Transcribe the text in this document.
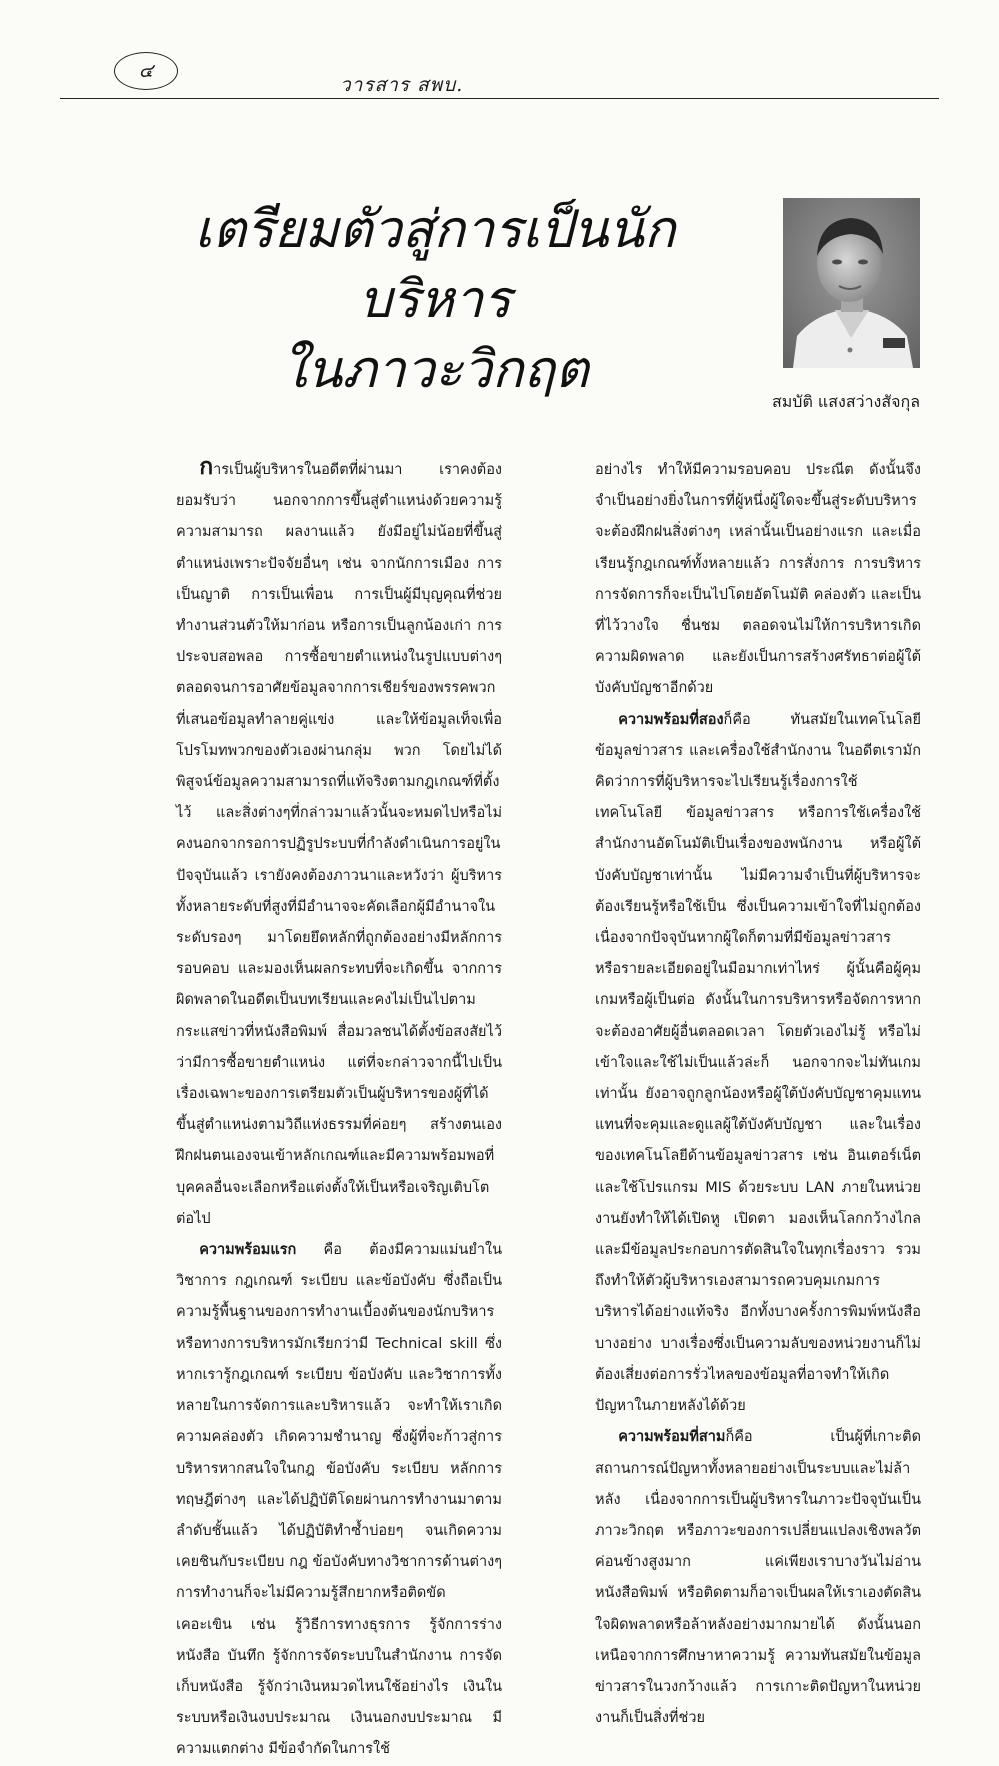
๔
วารสาร สพบ.
เตรียมตัวสู่การเป็นนักบริหาร
ในภาวะวิกฤต
สมบัติ แสงสว่างสัจกุล

การเป็นผู้บริหารในอดีตที่ผ่านมา เราคงต้องยอมรับว่า นอกจากการขึ้นสู่ตำแหน่งด้วยความรู้ ความสามารถ ผลงานแล้ว ยังมีอยู่ไม่น้อยที่ขึ้นสู่ตำแหน่งเพราะปัจจัยอื่นๆ เช่น จากนักการเมือง การเป็นญาติ การเป็นเพื่อน การเป็นผู้มีบุญคุณที่ช่วยทำงานส่วนตัวให้มาก่อน หรือการเป็นลูกน้องเก่า การประจบสอพลอ การซื้อขายตำแหน่งในรูปแบบต่างๆ ตลอดจนการอาศัยข้อมูลจากการเชียร์ของพรรคพวกที่เสนอข้อมูลทำลายคู่แข่ง และให้ข้อมูลเท็จเพื่อโปรโมทพวกของตัวเองผ่านกลุ่ม พวก โดยไม่ได้พิสูจน์ข้อมูลความสามารถที่แท้จริงตามกฎเกณฑ์ที่ตั้งไว้ และสิ่งต่างๆที่กล่าวมาแล้วนั้นจะหมดไปหรือไม่ คงนอกจากรอการปฏิรูประบบที่กำลังดำเนินการอยู่ในปัจจุบันแล้ว เรายังคงต้องภาวนาและหวังว่า ผู้บริหารทั้งหลายระดับที่สูงที่มีอำนาจจะคัดเลือกผู้มีอำนาจในระดับรองๆ มาโดยยึดหลักที่ถูกต้องอย่างมีหลักการ รอบคอบ และมองเห็นผลกระทบที่จะเกิดขึ้น จากการผิดพลาดในอดีตเป็นบทเรียนและคงไม่เป็นไปตามกระแสข่าวที่หนังสือพิมพ์ สื่อมวลชนได้ตั้งข้อสงสัยไว้ว่ามีการซื้อขายตำแหน่ง แต่ที่จะกล่าวจากนี้ไปเป็นเรื่องเฉพาะของการเตรียมตัวเป็นผู้บริหารของผู้ที่ได้ขึ้นสู่ตำแหน่งตามวิถีแห่งธรรมที่ค่อยๆ สร้างตนเอง ฝึกฝนตนเองจนเข้าหลักเกณฑ์และมีความพร้อมพอที่บุคคลอื่นจะเลือกหรือแต่งตั้งให้เป็นหรือเจริญเติบโตต่อไป

ความพร้อมแรก คือ ต้องมีความแม่นยำในวิชาการ กฎเกณฑ์ ระเบียบ และข้อบังคับ ซึ่งถือเป็นความรู้พื้นฐานของการทำงานเบื้องต้นของนักบริหาร หรือทางการบริหารมักเรียกว่ามี Technical skill ซึ่งหากเรารู้กฎเกณฑ์ ระเบียบ ข้อบังคับ และวิชาการทั้งหลายในการจัดการและบริหารแล้ว จะทำให้เราเกิดความคล่องตัว เกิดความชำนาญ ซึ่งผู้ที่จะก้าวสู่การบริหารหากสนใจในกฎ ข้อบังคับ ระเบียบ หลักการทฤษฎีต่างๆ และได้ปฏิบัติโดยผ่านการทำงานมาตามลำดับชั้นแล้ว ได้ปฏิบัติทำซ้ำบ่อยๆ จนเกิดความเคยชินกับระเบียบ กฎ ข้อบังคับทางวิชาการด้านต่างๆ การทำงานก็จะไม่มีความรู้สึกยากหรือติดขัด เคอะเขิน เช่น รู้วิธีการทางธุรการ รู้จักการร่างหนังสือ บันทึก รู้จักการจัดระบบในสำนักงาน การจัดเก็บหนังสือ รู้จักว่าเงินหมวดไหนใช้อย่างไร เงินในระบบหรือเงินงบประมาณ เงินนอกงบประมาณ มีความแตกต่าง มีข้อจำกัดในการใช้

อย่างไร ทำให้มีความรอบคอบ ประณีต ดังนั้นจึงจำเป็นอย่างยิ่งในการที่ผู้หนึ่งผู้ใดจะขึ้นสู่ระดับบริหารจะต้องฝึกฝนสิ่งต่างๆ เหล่านั้นเป็นอย่างแรก และเมื่อเรียนรู้กฎเกณฑ์ทั้งหลายแล้ว การสั่งการ การบริหาร การจัดการก็จะเป็นไปโดยอัตโนมัติ คล่องตัว และเป็นที่ไว้วางใจ ชื่นชม ตลอดจนไม่ให้การบริหารเกิดความผิดพลาด และยังเป็นการสร้างศรัทธาต่อผู้ใต้บังคับบัญชาอีกด้วย

ความพร้อมที่สองก็คือ ทันสมัยในเทคโนโลยีข้อมูลข่าวสาร และเครื่องใช้สำนักงาน ในอดีตเรามักคิดว่าการที่ผู้บริหารจะไปเรียนรู้เรื่องการใช้เทคโนโลยี ข้อมูลข่าวสาร หรือการใช้เครื่องใช้สำนักงานอัตโนมัติเป็นเรื่องของพนักงาน หรือผู้ใต้บังคับบัญชาเท่านั้น ไม่มีความจำเป็นที่ผู้บริหารจะต้องเรียนรู้หรือใช้เป็น ซึ่งเป็นความเข้าใจที่ไม่ถูกต้อง เนื่องจากปัจจุบันหากผู้ใดก็ตามที่มีข้อมูลข่าวสาร หรือรายละเอียดอยู่ในมือมากเท่าไหร่ ผู้นั้นคือผู้คุมเกมหรือผู้เป็นต่อ ดังนั้นในการบริหารหรือจัดการหากจะต้องอาศัยผู้อื่นตลอดเวลา โดยตัวเองไม่รู้ หรือไม่เข้าใจและใช้ไม่เป็นแล้วล่ะก็ นอกจากจะไม่ทันเกมเท่านั้น ยังอาจถูกลูกน้องหรือผู้ใต้บังคับบัญชาคุมแทน แทนที่จะคุมและดูแลผู้ใต้บังคับบัญชา และในเรื่องของเทคโนโลยีด้านข้อมูลข่าวสาร เช่น อินเตอร์เน็ตและใช้โปรแกรม MIS ด้วยระบบ LAN ภายในหน่วยงานยังทำให้ได้เปิดหู เปิดตา มองเห็นโลกกว้างไกล และมีข้อมูลประกอบการตัดสินใจในทุกเรื่องราว รวมถึงทำให้ตัวผู้บริหารเองสามารถควบคุมเกมการบริหารได้อย่างแท้จริง อีกทั้งบางครั้งการพิมพ์หนังสือบางอย่าง บางเรื่องซึ่งเป็นความลับของหน่วยงานก็ไม่ต้องเสี่ยงต่อการรั่วไหลของข้อมูลที่อาจทำให้เกิดปัญหาในภายหลังได้ด้วย

ความพร้อมที่สามก็คือ เป็นผู้ที่เกาะติดสถานการณ์ปัญหาทั้งหลายอย่างเป็นระบบและไม่ล้าหลัง เนื่องจากการเป็นผู้บริหารในภาวะปัจจุบันเป็นภาวะวิกฤต หรือภาวะของการเปลี่ยนแปลงเชิงพลวัตค่อนข้างสูงมาก แค่เพียงเราบางวันไม่อ่านหนังสือพิมพ์ หรือติดตามก็อาจเป็นผลให้เราเองตัดสินใจผิดพลาดหรือล้าหลังอย่างมากมายได้ ดังนั้นนอกเหนือจากการศึกษาหาความรู้ ความทันสมัยในข้อมูลข่าวสารในวงกว้างแล้ว การเกาะติดปัญหาในหน่วยงานก็เป็นสิ่งที่ช่วย
